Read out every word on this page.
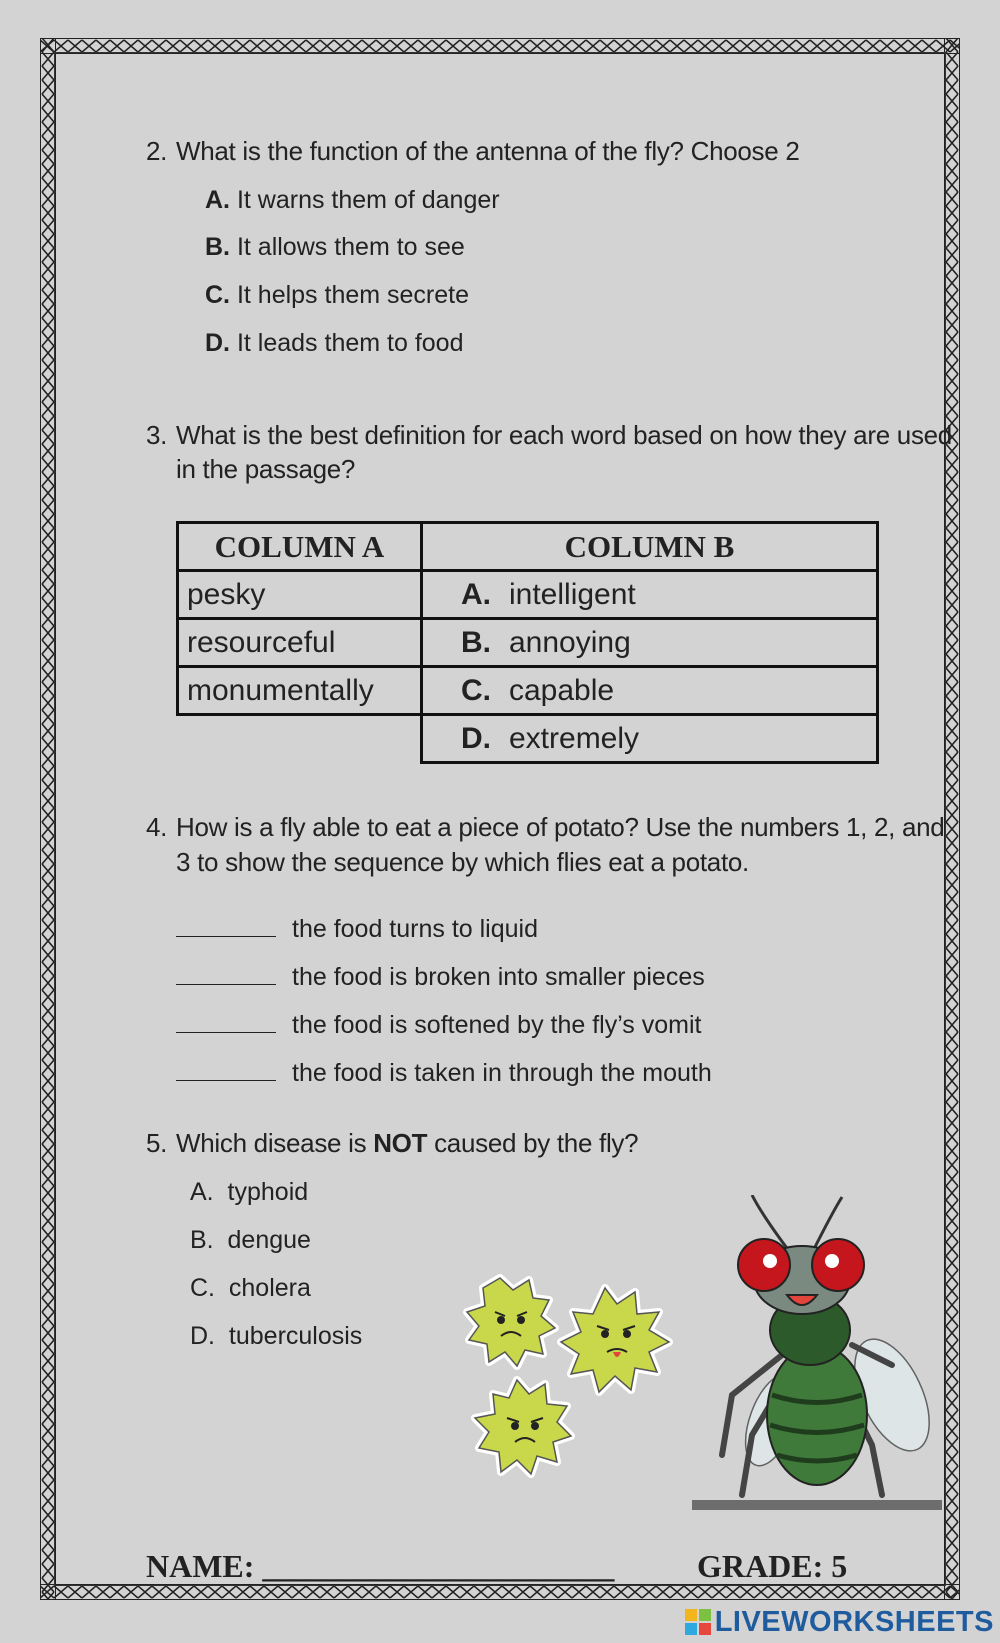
2. What is the function of the antenna of the fly? Choose 2
A. It warns them of danger
B. It allows them to see
C. It helps them secrete
D. It leads them to food
3. What is the best definition for each word based on how they are used
in the passage?
COLUMN A	COLUMN B
pesky	A. intelligent
resourceful	B. annoying
monumentally	C. capable
	D. extremely
4. How is a fly able to eat a piece of potato? Use the numbers 1, 2, and
3 to show the sequence by which flies eat a potato.
the food turns to liquid
the food is broken into smaller pieces
the food is softened by the fly’s vomit
the food is taken in through the mouth
5. Which disease is NOT caused by the fly?
A. typhoid
B. dengue
C. cholera
D. tuberculosis
NAME: ______________________	GRADE: 5
LIVEWORKSHEETS
